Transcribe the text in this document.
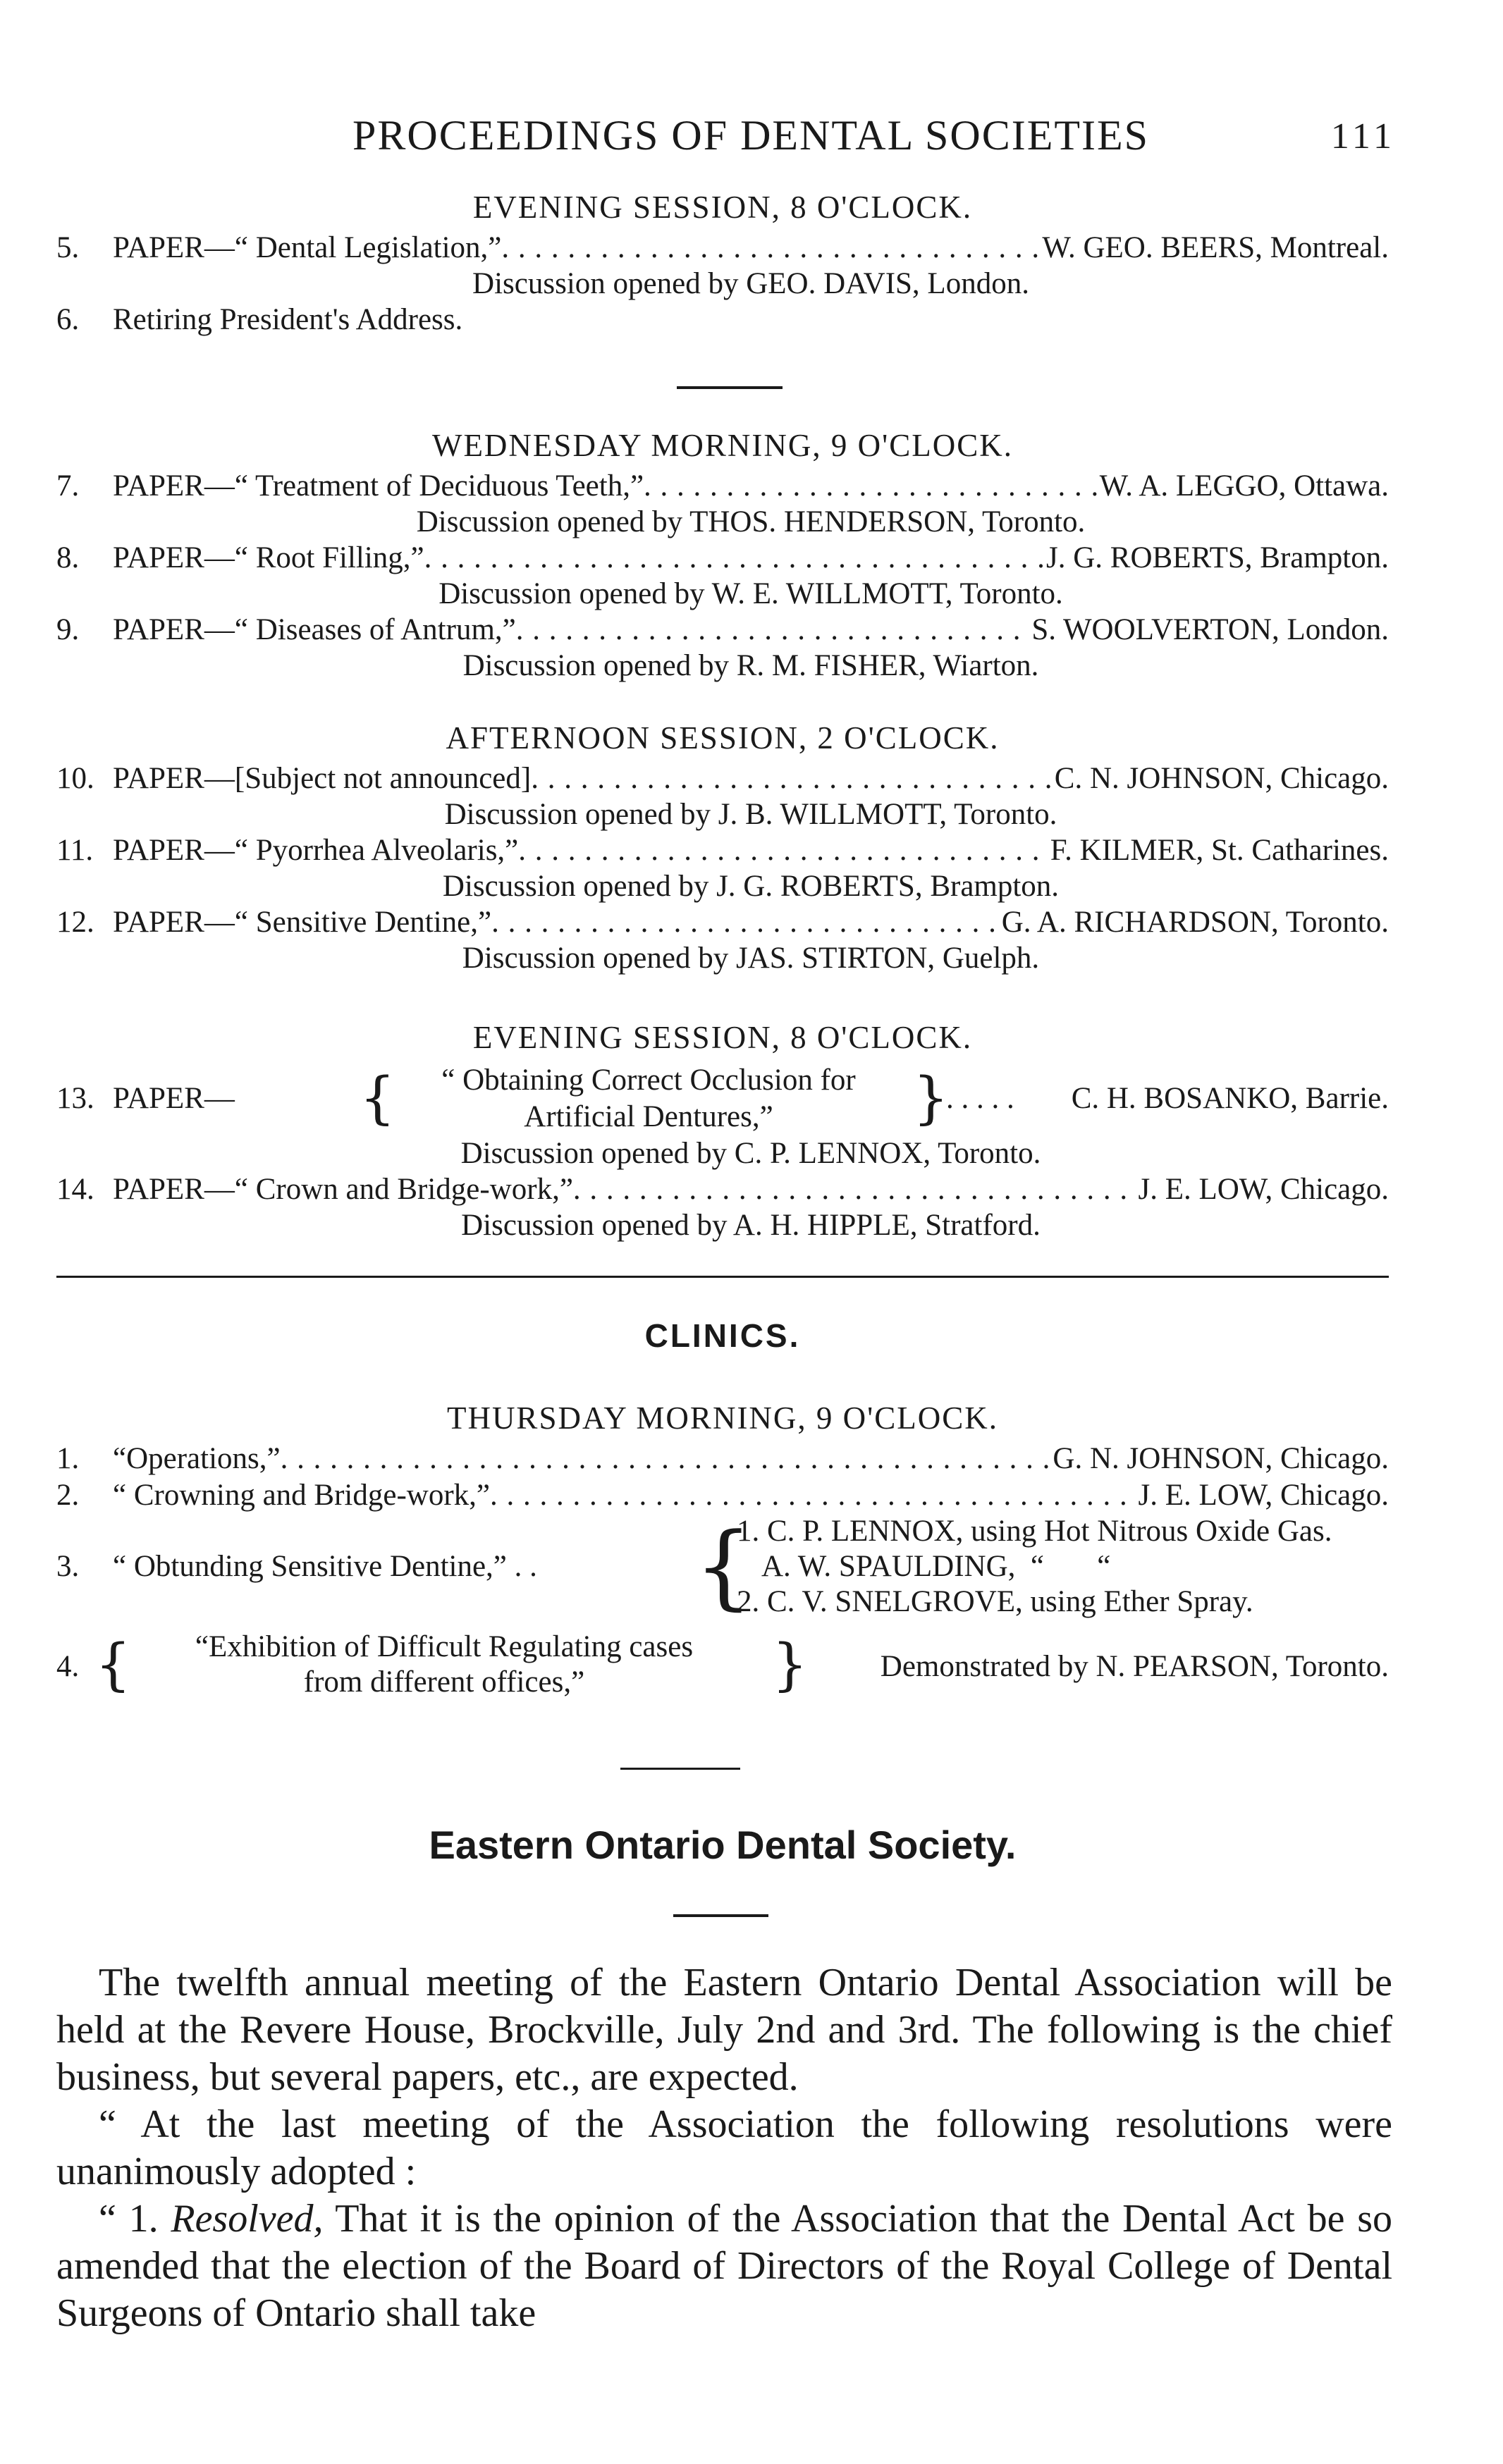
PROCEEDINGS OF DENTAL SOCIETIES	111
EVENING SESSION, 8 O'CLOCK.
5.	PAPER—“ Dental Legislation,” . . .	W. GEO. BEERS, Montreal.
Discussion opened by GEO. DAVIS, London.
6.	Retiring President's Address.
WEDNESDAY MORNING, 9 O'CLOCK.
7.	PAPER—“ Treatment of Deciduous Teeth,” . . .	W. A. LEGGO, Ottawa.
Discussion opened by THOS. HENDERSON, Toronto.
8.	PAPER—“ Root Filling,” . . .	J. G. ROBERTS, Brampton.
Discussion opened by W. E. WILLMOTT, Toronto.
9.	PAPER—“ Diseases of Antrum,” . . .	S. WOOLVERTON, London.
Discussion opened by R. M. FISHER, Wiarton.
AFTERNOON SESSION, 2 O'CLOCK.
10. PAPER—[Subject not announced] . . .	C. N. JOHNSON, Chicago.
Discussion opened by J. B. WILLMOTT, Toronto.
11. PAPER—“ Pyorrhea Alveolaris,” . . .	F. KILMER, St. Catharines.
Discussion opened by J. G. ROBERTS, Brampton.
12. PAPER—“ Sensitive Dentine,” . . .	G. A. RICHARDSON, Toronto.
Discussion opened by JAS. STIRTON, Guelph.
EVENING SESSION, 8 O'CLOCK.
13. PAPER— {	“ Obtaining Correct Occlusion for
Artificial Dentures,”	}
. . . . . C. H. BOSANKO, Barrie.
Discussion opened by C. P. LENNOX, Toronto.
14. PAPER—“ Crown and Bridge-work,” . . .	J. E. LOW, Chicago.
Discussion opened by A. H. HIPPLE, Stratford.
CLINICS.
THURSDAY MORNING, 9 O'CLOCK.
1.	“Operations,” . . .	G. N. JOHNSON, Chicago.
2.	“ Crowning and Bridge-work,” . . .	J. E. LOW, Chicago.
3. “ Obtunding Sensitive Dentine,” . . {
1. C. P. LENNOX, using Hot Nitrous Oxide Gas.
A. W. SPAULDING,  “       “
2. C. V. SNELGROVE, using Ether Spray.
4. {	“Exhibition of Difficult Regulating cases
from different offices,”	} Demonstrated by N. PEARSON, Toronto.
Eastern Ontario Dental Society.

The twelfth annual meeting of the Eastern Ontario Dental Association will be held at the Revere House, Brockville, July 2nd and 3rd. The following is the chief business, but several papers, etc., are expected.

“ At the last meeting of the Association the following resolutions were unanimously adopted :

“ 1. Resolved, That it is the opinion of the Association that the Dental Act be so amended that the election of the Board of Directors of the Royal College of Dental Surgeons of Ontario shall take
